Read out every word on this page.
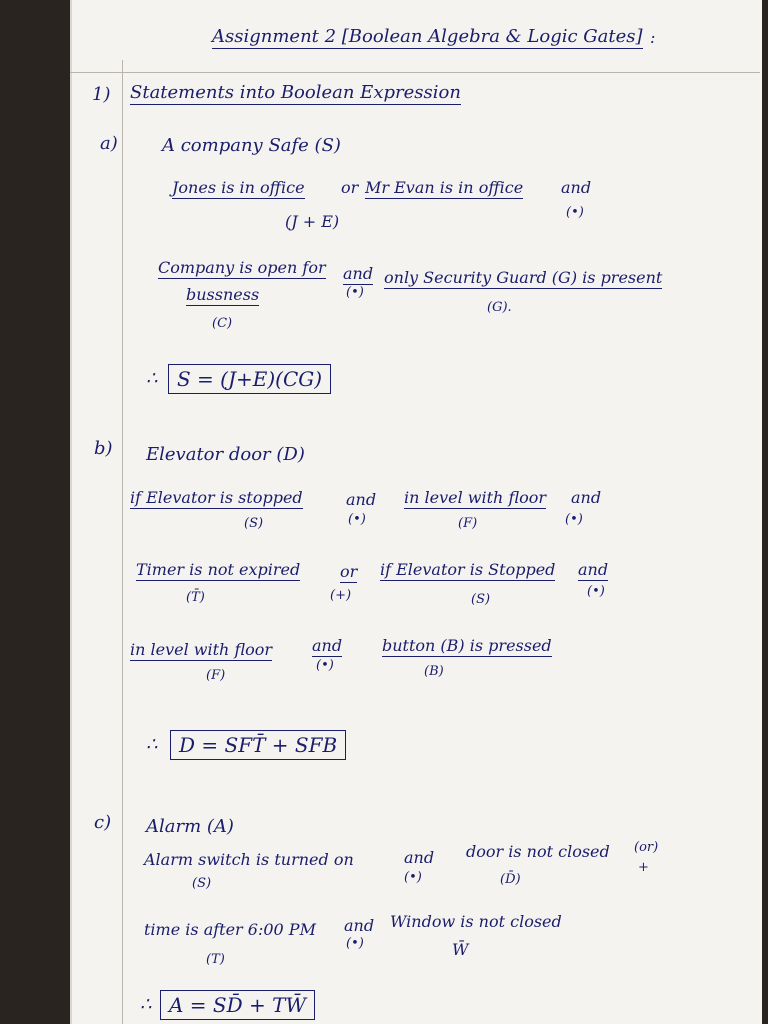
Assignment 2 [Boolean Algebra & Logic Gates] :
1) Statements into Boolean Expression
a) A company Safe (S)
Jones is in office or Mr Evan is in office and
(•)
(J + E)
Company is open for
bussness
and
(•)
only Security Guard (G) is present
(C)
(G).
∴ S = (J+E)(CG)
b) Elevator door (D)
if Elevator is stopped	and in level with floor and
(S)	(•)	(F)	(•)
Timer is not expired or if Elevator is Stopped and
(T̄)	(+)	(S)
(•)
in level with floor and button (B) is pressed
(F)
(•)	(B)
∴	D = SFT̄ + SFB
c) Alarm (A)
Alarm switch is turned on	and door is not closed (or)
(S)	(•)	(D̄)
+
time is after 6:00 PM and Window is not closed
(T)
(•)	W̄
∴ A = SD̄ + TW̄
